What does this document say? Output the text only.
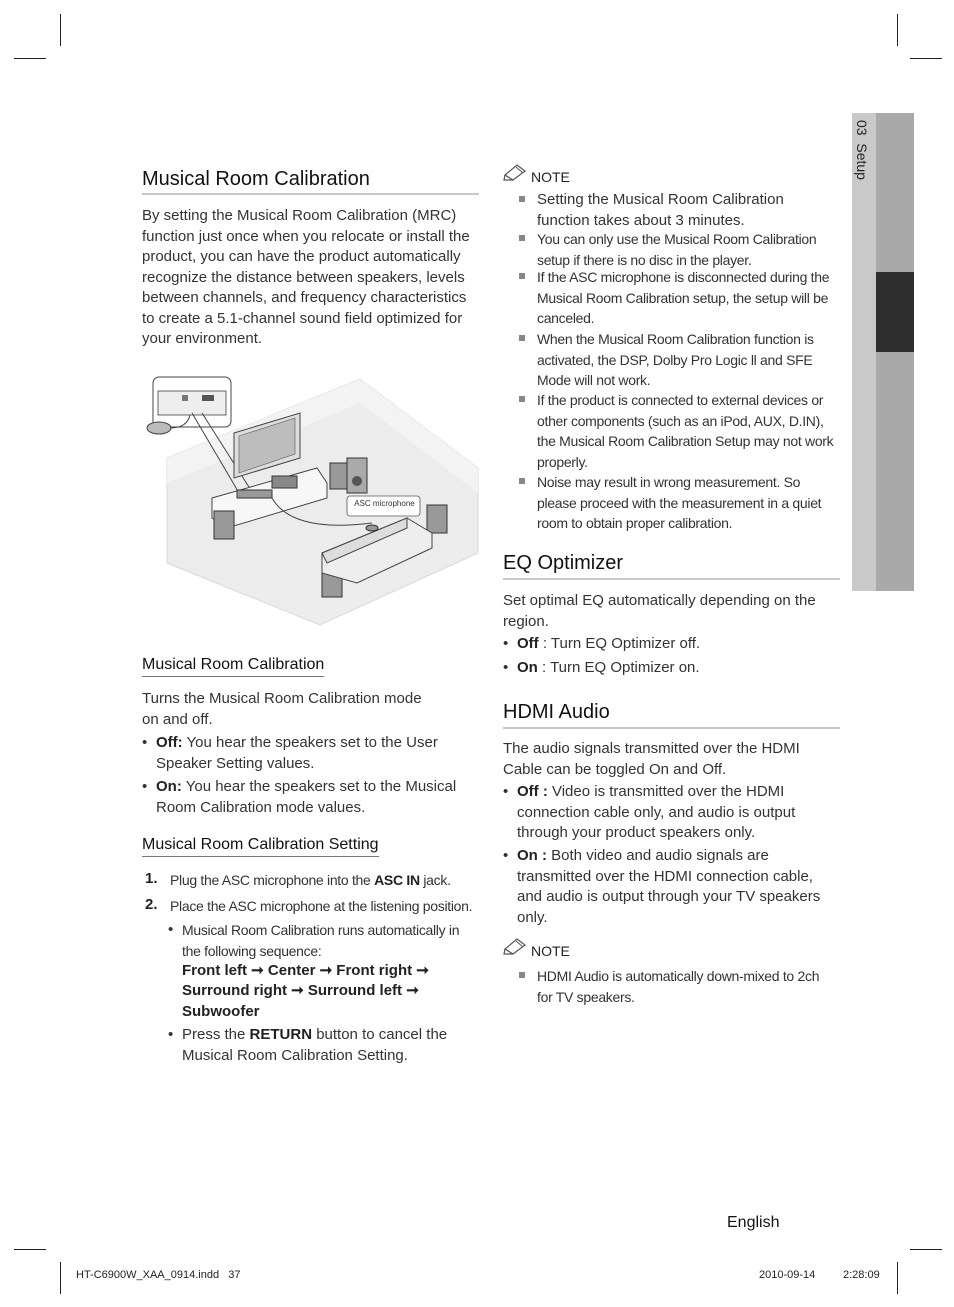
03  Setup
Musical Room Calibration
By setting the Musical Room Calibration (MRC) function just once when you relocate or install the product, you can have the product automatically recognize the distance between speakers, levels between channels, and frequency characteristics to create a 5.1-channel sound field optimized for your environment.
ASC microphone
Musical Room Calibration
Turns the Musical Room Calibration mode on and off.
• Off: You hear the speakers set to the User Speaker Setting values.
• On: You hear the speakers set to the Musical Room Calibration mode values.
Musical Room Calibration Setting
1. Plug the ASC microphone into the ASC IN jack.
2. Place the ASC microphone at the listening position.
• Musical Room Calibration runs automatically in the following sequence:
Front left ➞ Center ➞ Front right ➞
Surround right ➞ Surround left ➞
Subwoofer
• Press the RETURN button to cancel the Musical Room Calibration Setting.
NOTE
Setting the Musical Room Calibration function takes about 3 minutes.
You can only use the Musical Room Calibration setup if there is no disc in the player.
If the ASC microphone is disconnected during the Musical Room Calibration setup, the setup will be canceled.
When the Musical Room Calibration function is activated, the DSP, Dolby Pro Logic ll and SFE Mode will not work.
If the product is connected to external devices or other components (such as an iPod, AUX, D.IN), the Musical Room Calibration Setup may not work properly.
Noise may result in wrong measurement. So please proceed with the measurement in a quiet room to obtain proper calibration.
EQ Optimizer
Set optimal EQ automatically depending on the region.
• Off : Turn EQ Optimizer off.
• On : Turn EQ Optimizer on.
HDMI Audio
The audio signals transmitted over the HDMI Cable can be toggled On and Off.
• Off : Video is transmitted over the HDMI connection cable only, and audio is output through your product speakers only.
• On : Both video and audio signals are transmitted over the HDMI connection cable, and audio is output through your TV speakers only.
NOTE
HDMI Audio is automatically down-mixed to 2ch for TV speakers.
English
HT-C6900W_XAA_0914.indd   37	2010-09-14	2:28:09
